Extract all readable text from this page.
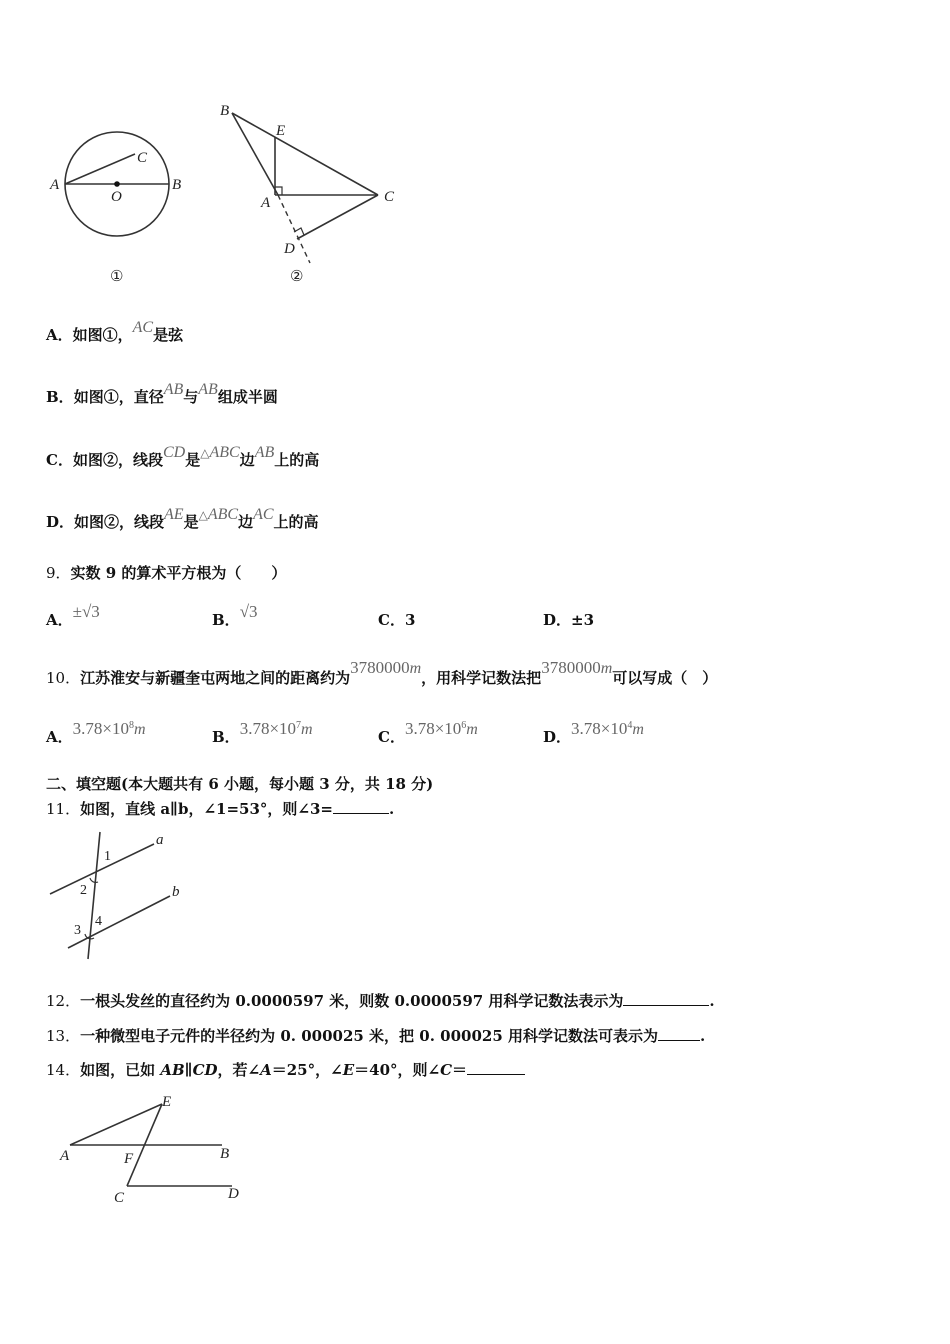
A	B
C
O
①
B
E
A	C
D
②
A．如图①，AC是弦
B．如图①，直径AB与AB组成半圆
C．如图②，线段CD是△ABC边AB上的高
D．如图②，线段AE是△ABC边AC上的高
9．实数 9 的算术平方根为（　　）
A．±√3	B．√3	C．3	D．±3
10．江苏淮安与新疆奎屯两地之间的距离约为3780000m，用科学记数法把3780000m可以写成（　）
A．$3.78\times 10^8m$	B．$3.78\times 10^7m$	C．$3.78\times 10^6m$	D．$3.78\times 10^4m$
二、填空题(本大题共有 6 小题，每小题 3 分，共 18 分)
11．如图，直线 a∥b，∠1=53°，则∠3=	.
a
b
1
2
3
4
12．一根头发丝的直径约为 0.0000597 米，则数 0.0000597 用科学记数法表示为	.
13．一种微型电子元件的半径约为 0. 000025 米，把 0. 000025 用科学记数法可表示为	.
14．如图，已如 AB∥CD，若∠A＝25°，∠E＝40°，则∠C＝
E
A	B
F
C	D
